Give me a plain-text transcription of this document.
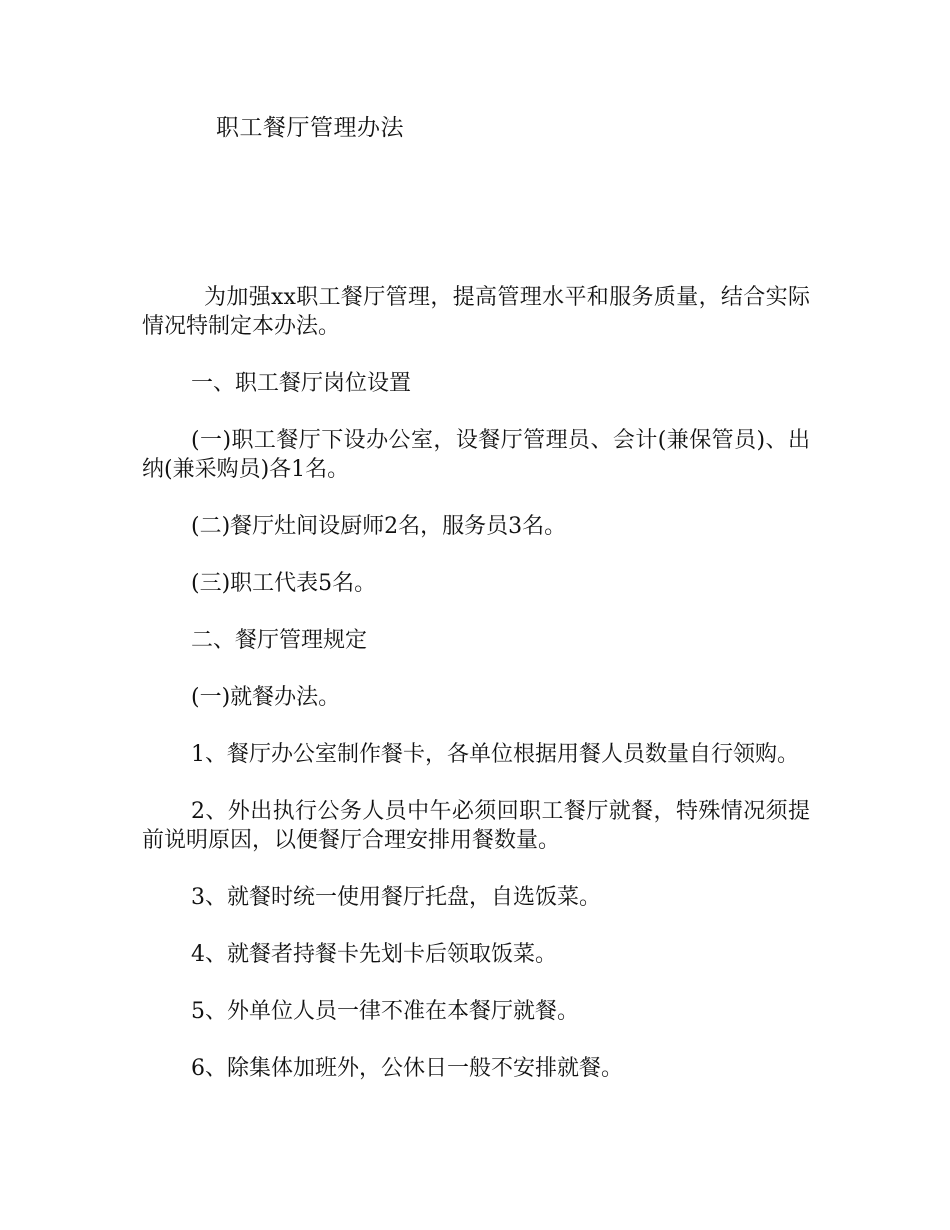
职工餐厅管理办法

为加强xx职工餐厅管理，提高管理水平和服务质量，结合实际情况特制定本办法。

一、职工餐厅岗位设置

(一)职工餐厅下设办公室，设餐厅管理员、会计(兼保管员)、出纳(兼采购员)各1名。

(二)餐厅灶间设厨师2名，服务员3名。

(三)职工代表5名。

二、餐厅管理规定

(一)就餐办法。

1、餐厅办公室制作餐卡，各单位根据用餐人员数量自行领购。

2、外出执行公务人员中午必须回职工餐厅就餐，特殊情况须提前说明原因，以便餐厅合理安排用餐数量。

3、就餐时统一使用餐厅托盘，自选饭菜。

4、就餐者持餐卡先划卡后领取饭菜。

5、外单位人员一律不准在本餐厅就餐。

6、除集体加班外，公休日一般不安排就餐。
